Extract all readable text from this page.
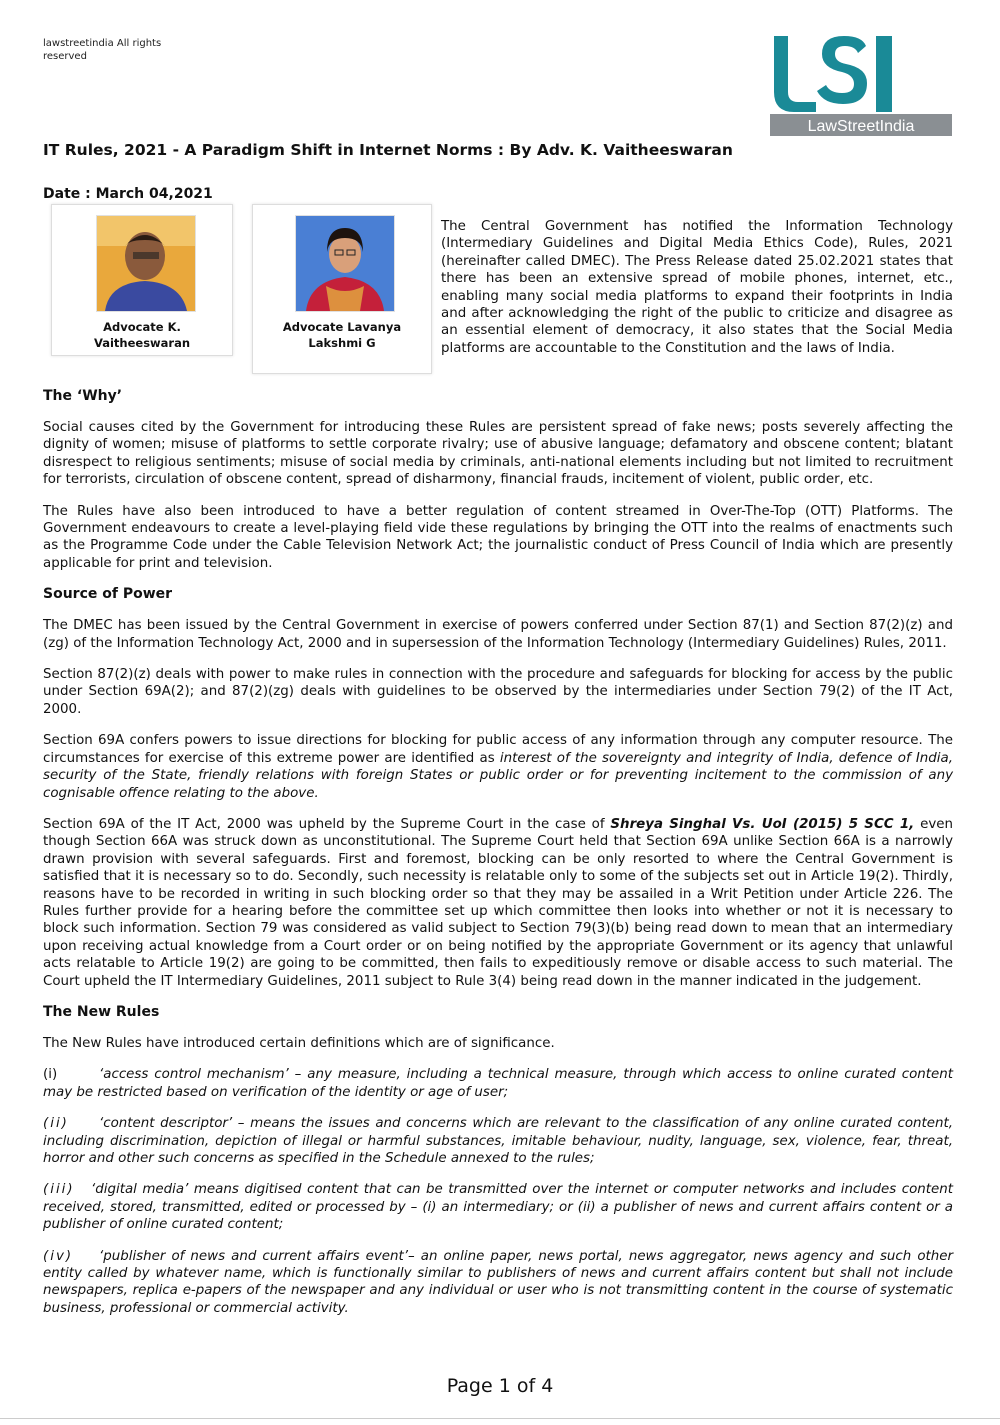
lawstreetindia All rights reserved
LawStreetIndia
IT Rules, 2021 - A Paradigm Shift in Internet Norms : By Adv. K. Vaitheeswaran
Date : March 04,2021
Advocate K.
Vaitheeswaran
Advocate Lavanya
Lakshmi G
The Central Government has notified the Information Technology (Intermediary Guidelines and Digital Media Ethics Code), Rules, 2021 (hereinafter called DMEC). The Press Release dated 25.02.2021 states that there has been an extensive spread of mobile phones, internet, etc., enabling many social media platforms to expand their footprints in India and after acknowledging the right of the public to criticize and disagree as an essential element of democracy, it also states that the Social Media platforms are accountable to the Constitution and the laws of India.
The ‘Why’

Social causes cited by the Government for introducing these Rules are persistent spread of fake news; posts severely affecting the dignity of women; misuse of platforms to settle corporate rivalry; use of abusive language; defamatory and obscene content; blatant disrespect to religious sentiments; misuse of social media by criminals, anti-national elements including but not limited to recruitment for terrorists, circulation of obscene content, spread of disharmony, financial frauds, incitement of violent, public order, etc.

The Rules have also been introduced to have a better regulation of content streamed in Over-The-Top (OTT) Platforms. The Government endeavours to create a level-playing field vide these regulations by bringing the OTT into the realms of enactments such as the Programme Code under the Cable Television Network Act; the journalistic conduct of Press Council of India which are presently applicable for print and television.

Source of Power

The DMEC has been issued by the Central Government in exercise of powers conferred under Section 87(1) and Section 87(2)(z) and (zg) of the Information Technology Act, 2000 and in supersession of the Information Technology (Intermediary Guidelines) Rules, 2011.

Section 87(2)(z) deals with power to make rules in connection with the procedure and safeguards for blocking for access by the public under Section 69A(2); and 87(2)(zg) deals with guidelines to be observed by the intermediaries under Section 79(2) of the IT Act, 2000.

Section 69A confers powers to issue directions for blocking for public access of any information through any computer resource. The circumstances for exercise of this extreme power are identified as interest of the sovereignty and integrity of India, defence of India, security of the State, friendly relations with foreign States or public order or for preventing incitement to the commission of any cognisable offence relating to the above.

Section 69A of the IT Act, 2000 was upheld by the Supreme Court in the case of Shreya Singhal Vs. UoI (2015) 5 SCC 1, even though Section 66A was struck down as unconstitutional. The Supreme Court held that Section 69A unlike Section 66A is a narrowly drawn provision with several safeguards. First and foremost, blocking can be only resorted to where the Central Government is satisfied that it is necessary so to do. Secondly, such necessity is relatable only to some of the subjects set out in Article 19(2). Thirdly, reasons have to be recorded in writing in such blocking order so that they may be assailed in a Writ Petition under Article 226. The Rules further provide for a hearing before the committee set up which committee then looks into whether or not it is necessary to block such information. Section 79 was considered as valid subject to Section 79(3)(b) being read down to mean that an intermediary upon receiving actual knowledge from a Court order or on being notified by the appropriate Government or its agency that unlawful acts relatable to Article 19(2) are going to be committed, then fails to expeditiously remove or disable access to such material. The Court upheld the IT Intermediary Guidelines, 2011 subject to Rule 3(4) being read down in the manner indicated in the judgement.

The New Rules

The New Rules have introduced certain definitions which are of significance.

(i)	‘access control mechanism’ – any measure, including a technical measure, through which access to online curated content may be restricted based on verification of the identity or age of user;

(ii) ‘content descriptor’ – means the issues and concerns which are relevant to the classification of any online curated content, including discrimination, depiction of illegal or harmful substances, imitable behaviour, nudity, language, sex, violence, fear, threat, horror and other such concerns as specified in the Schedule annexed to the rules;

(iii) ‘digital media’ means digitised content that can be transmitted over the internet or computer networks and includes content received, stored, transmitted, edited or processed by – (i) an intermediary; or (ii) a publisher of news and current affairs content or a publisher of online curated content;

(iv) ‘publisher of news and current affairs event’– an online paper, news portal, news aggregator, news agency and such other entity called by whatever name, which is functionally similar to publishers of news and current affairs content but shall not include newspapers, replica e-papers of the newspaper and any individual or user who is not transmitting content in the course of systematic business, professional or commercial activity.

Page 1 of 4
